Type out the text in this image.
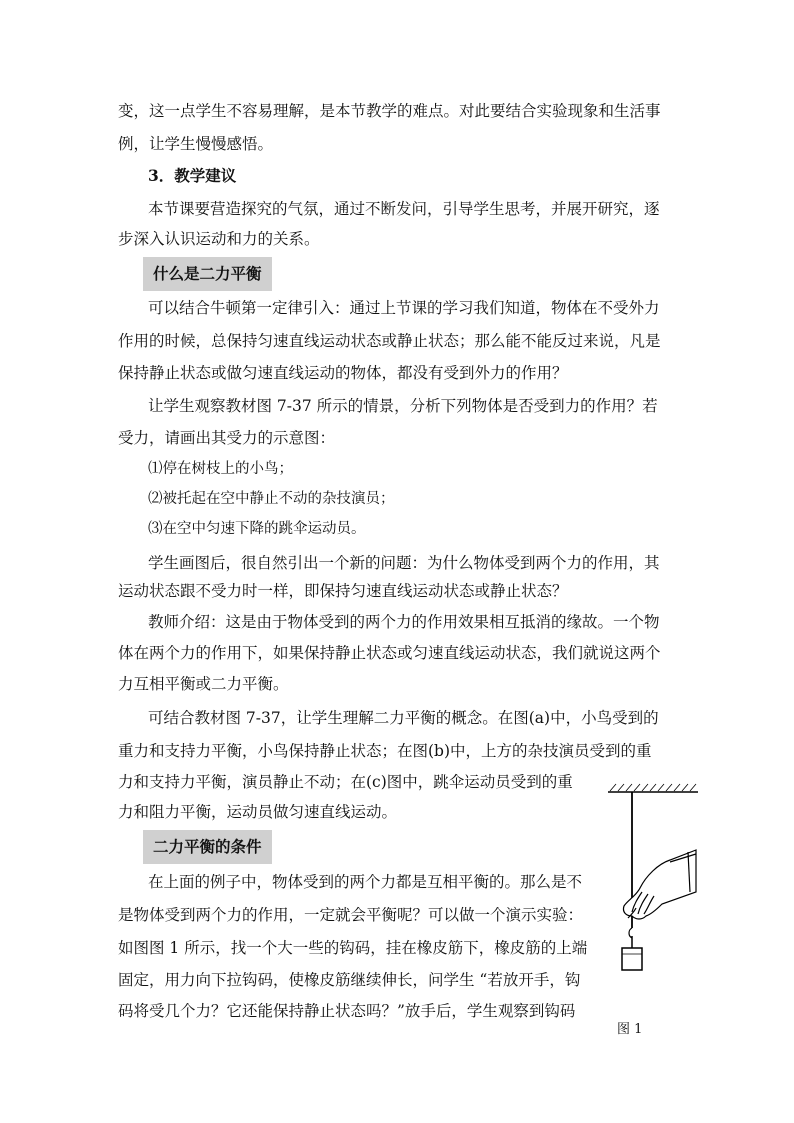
变，这一点学生不容易理解，是本节教学的难点。对此要结合实验现象和生活事
例，让学生慢慢感悟。
3．教学建议
本节课要营造探究的气氛，通过不断发问，引导学生思考，并展开研究，逐
步深入认识运动和力的关系。
什么是二力平衡
可以结合牛顿第一定律引入：通过上节课的学习我们知道，物体在不受外力
作用的时候，总保持匀速直线运动状态或静止状态；那么能不能反过来说，凡是
保持静止状态或做匀速直线运动的物体，都没有受到外力的作用？
让学生观察教材图 7-37 所示的情景，分析下列物体是否受到力的作用？若
受力，请画出其受力的示意图：
⑴停在树枝上的小鸟；
⑵被托起在空中静止不动的杂技演员；
⑶在空中匀速下降的跳伞运动员。
学生画图后，很自然引出一个新的问题：为什么物体受到两个力的作用，其
运动状态跟不受力时一样，即保持匀速直线运动状态或静止状态？
教师介绍：这是由于物体受到的两个力的作用效果相互抵消的缘故。一个物
体在两个力的作用下，如果保持静止状态或匀速直线运动状态，我们就说这两个
力互相平衡或二力平衡。
可结合教材图 7-37，让学生理解二力平衡的概念。在图(a)中，小鸟受到的
重力和支持力平衡，小鸟保持静止状态；在图(b)中，上方的杂技演员受到的重
力和支持力平衡，演员静止不动；在(c)图中，跳伞运动员受到的重
力和阻力平衡，运动员做匀速直线运动。
二力平衡的条件
在上面的例子中，物体受到的两个力都是互相平衡的。那么是不
是物体受到两个力的作用，一定就会平衡呢？可以做一个演示实验：
如图图 1 所示，找一个大一些的钩码，挂在橡皮筋下，橡皮筋的上端
固定，用力向下拉钩码，使橡皮筋继续伸长，问学生 “若放开手，钩
码将受几个力？它还能保持静止状态吗？”放手后，学生观察到钩码
图 1
